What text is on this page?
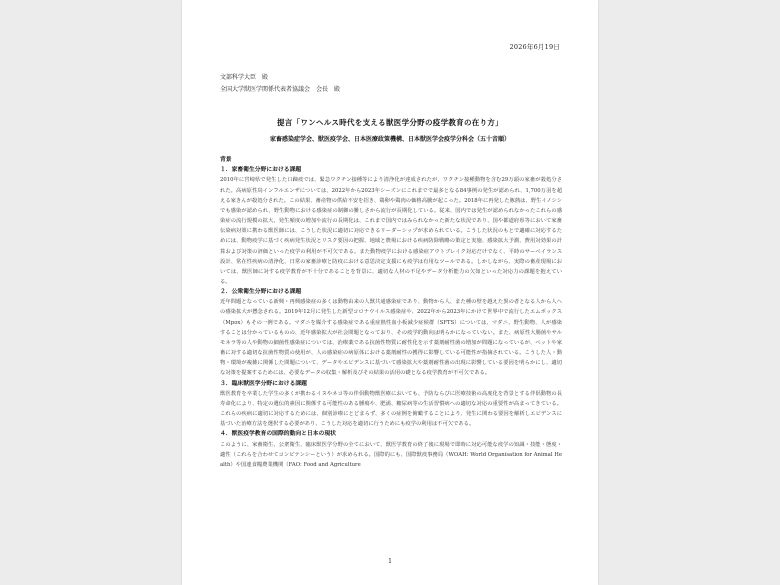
2026年6月19日
文部科学大臣　殿
全国大学獣医学関係代表者協議会　会長　殿
提言「ワンヘルス時代を支える獣医学分野の疫学教育の在り方」
家畜感染症学会、獣医疫学会、日本医療政策機構、日本獣医学会疫学分科会（五十音順）
背景
１．家畜衛生分野における課題
2010年に宮崎県で発生した口蹄疫では、緊急ワクチン接種等により清浄化が達成されたが、ワクチン接種動物を含む29万頭の家畜が殺処分された。高病原性鳥インフルエンザについては、2022年から2023年シーズンにこれまでで最多となる84事例の発生が認められ、1,700万羽を超える家きんが殺処分された。この結果、畜産物の供給不安を招き、鶏卵や鶏肉の価格高騰が起こった。2018年に再発した豚熱は、野生イノシシでも感染が認められ、野生動物における感染症の制御の難しさから流行が長期化している。従来、国内では発生が認められなかったこれらの感染症の流行規模の拡大、発生頻度の増加や流行の長期化は、これまで国内ではみられなかった新たな状況であり、国や都道府県等において家畜伝染病対策に携わる獣医師には、こうした状況に適切に対応できるリーダーシップが求められている。こうした状況のもとで適確に対応するためには、動物疫学に基づく疾病発生状況とリスク要因の把握、地域と農場における疾病防除戦略の策定と実施、感染拡大予測、費用対効果の計算および対策の評価といった疫学の利用が不可欠である。また動物疫学における感染症アウトブレイク対応だけでなく、平時のサーベイランス設計、常在性疾病の清浄化、日常の家畜診療と防疫における意思決定支援にも疫学は有用なツールである。しかしながら、実際の畜産現場においては、獣医師に対する疫学教育が不十分であることを背景に、適切な人材の不足やデータ分析能力の欠如といった対応力の課題を抱えている。
２．公衆衛生分野における課題
近年問題となっている新興・再興感染症の多くは動物由来の人獣共通感染症であり、動物から人、また種の壁を越えた異の者となる人から人への感染拡大が懸念される。2019年12月に発生した新型コロナウイルス感染症や、2022年から2023年にかけて世界中で流行したエムポックス（Mpox）もその一例である。マダニを媒介する感染症である重症熱性血小板減少症候群（SFTS）については、マダニ、野生動物、人が感染することは分かっているものの、近年感染拡大が社会問題となっており、その疫学的動向は明らかになっていない。また、病原性大腸菌やサルモネラ等の人や動物の細菌性感染症については、治療薬である抗菌性物質に耐性化を示す薬剤耐性菌の増加が問題になっているが、ペットや家畜に対する適切な抗菌性物質の使用が、人の感染症の病原体における薬剤耐性の獲得に影響している可能性が指摘されている。こうした人・動物・環境が複雑に関係した問題について、データやエビデンスに基づいて感染拡大や薬剤耐性菌の出現に影響している要因を明らかにし、適切な対策を提案するためには、必要なデータの収集・解析及びその結果の活用の礎となる疫学教育が不可欠である。
３．臨床獣医学分野における課題
獣医教育を卒業した学生の多くが携わるイヌやネコ等の伴侶動物獣医療においても、予防ならびに医療技術の高度化を背景とする伴侶動物の長寿命化により、特定の遺伝的素因に関係する可能性のある腫瘍や、肥満、糖尿病等の生活習慣病への適切な対応の重要性が高まってきている。これらの疾病に適切に対応するためには、個別診療にとどまらず、多くの症例を俯瞰することにより、発生に関わる要因を解析しエビデンスに基づいた治療方法を選択する必要があり、こうした対応を適切に行うためにも疫学の利用は不可欠である。
４．獣医疫学教育の国際的動向と日本の現状
このように、家畜衛生、公衆衛生、臨床獣医学分野の全てにおいて、獣医学教育の終了後に現場で即時に対応可能な疫学の知識・技能・態度・適性（これらを合わせてコンピテンシーという）が求められる。国際的にも、国際獣疫事務局（WOAH: World Organisation for Animal Health）や国連食糧農業機関（FAO: Food and Agriculture
1
